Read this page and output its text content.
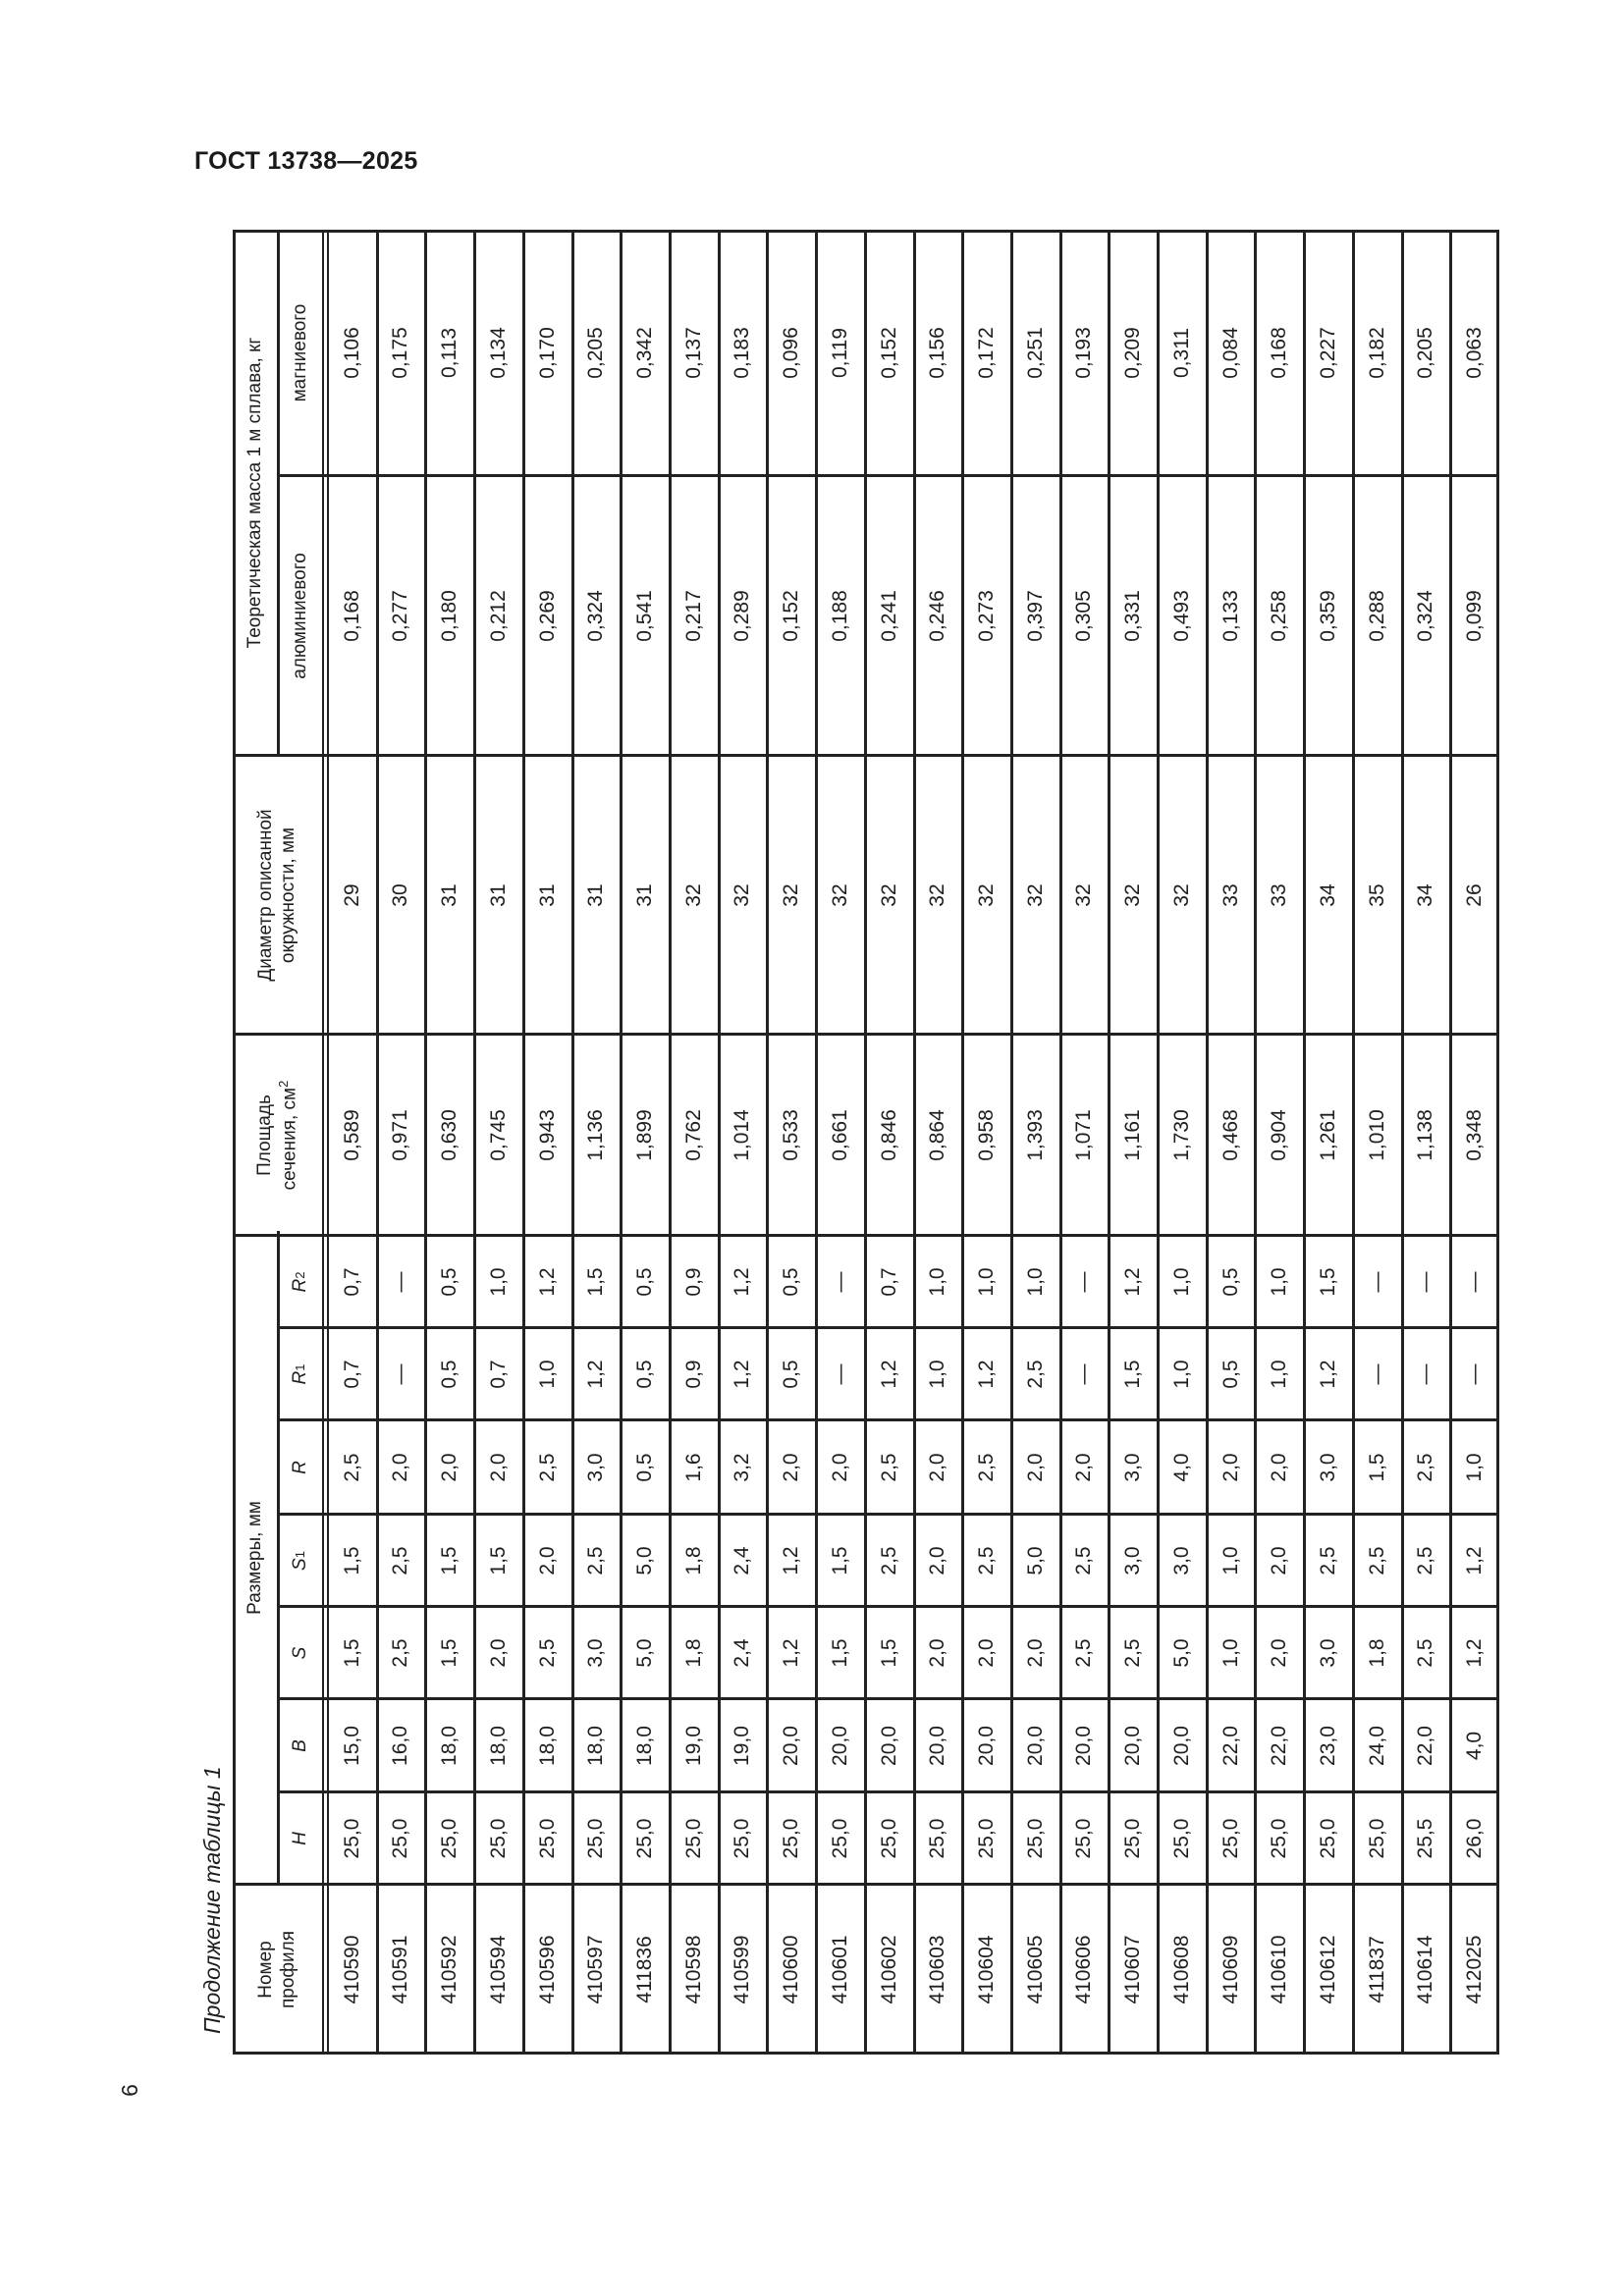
ГОСТ 13738—2025
Продолжение таблицы 1
6
Номер профиля
Размеры, мм
H
B
S
S
1
R
R
1
R
2
Площадь сечения, $см^2$
Диаметр описанной окружности, мм
Теоретическая масса 1 м сплава, кг	алюминиевого
магниевого
410590
25,0
15,0
1,5
1,5
2,5
0,7
0,7
0,589
29
0,168
0,106
410591
25,0
16,0
2,5
2,5
2,0
—
—
0,971
30
0,277
0,175
410592
25,0
18,0
1,5
1,5
2,0
0,5
0,5
0,630
31
0,180
0,113
410594
25,0
18,0
2,0
1,5
2,0
0,7
1,0
0,745
31
0,212
0,134
410596
25,0
18,0
2,5
2,0
2,5
1,0
1,2
0,943
31
0,269
0,170
410597
25,0
18,0
3,0
2,5
3,0
1,2
1,5
1,136
31
0,324
0,205
411836
25,0
18,0
5,0
5,0
0,5
0,5
0,5
1,899
31
0,541
0,342
410598
25,0
19,0
1,8
1,8
1,6
0,9
0,9
0,762
32
0,217
0,137
410599
25,0
19,0
2,4
2,4
3,2
1,2
1,2
1,014
32
0,289
0,183
410600
25,0
20,0
1,2
1,2
2,0
0,5
0,5
0,533
32
0,152
0,096
410601
25,0
20,0
1,5
1,5
2,0
—
—
0,661
32
0,188
0,119
410602
25,0
20,0
1,5
2,5
2,5
1,2
0,7
0,846
32
0,241
0,152
410603
25,0
20,0
2,0
2,0
2,0
1,0
1,0
0,864
32
0,246
0,156
410604
25,0
20,0
2,0
2,5
2,5
1,2
1,0
0,958
32
0,273
0,172
410605
25,0
20,0
2,0
5,0
2,0
2,5
1,0
1,393
32
0,397
0,251
410606
25,0
20,0
2,5
2,5
2,0
—
—
1,071
32
0,305
0,193
410607
25,0
20,0
2,5
3,0
3,0
1,5
1,2
1,161
32
0,331
0,209
410608
25,0
20,0
5,0
3,0
4,0
1,0
1,0
1,730
32
0,493
0,311
410609
25,0
22,0
1,0
1,0
2,0
0,5
0,5
0,468
33
0,133
0,084
410610
25,0
22,0
2,0
2,0
2,0
1,0
1,0
0,904
33
0,258
0,168
410612
25,0
23,0
3,0
2,5
3,0
1,2
1,5
1,261
34
0,359
0,227
411837
25,0
24,0
1,8
2,5
1,5
—
—
1,010
35
0,288
0,182
410614
25,5
22,0
2,5
2,5
2,5
—
—
1,138
34
0,324
0,205
412025
26,0
4,0
1,2
1,2
1,0
—
—
0,348
26
0,099
0,063
